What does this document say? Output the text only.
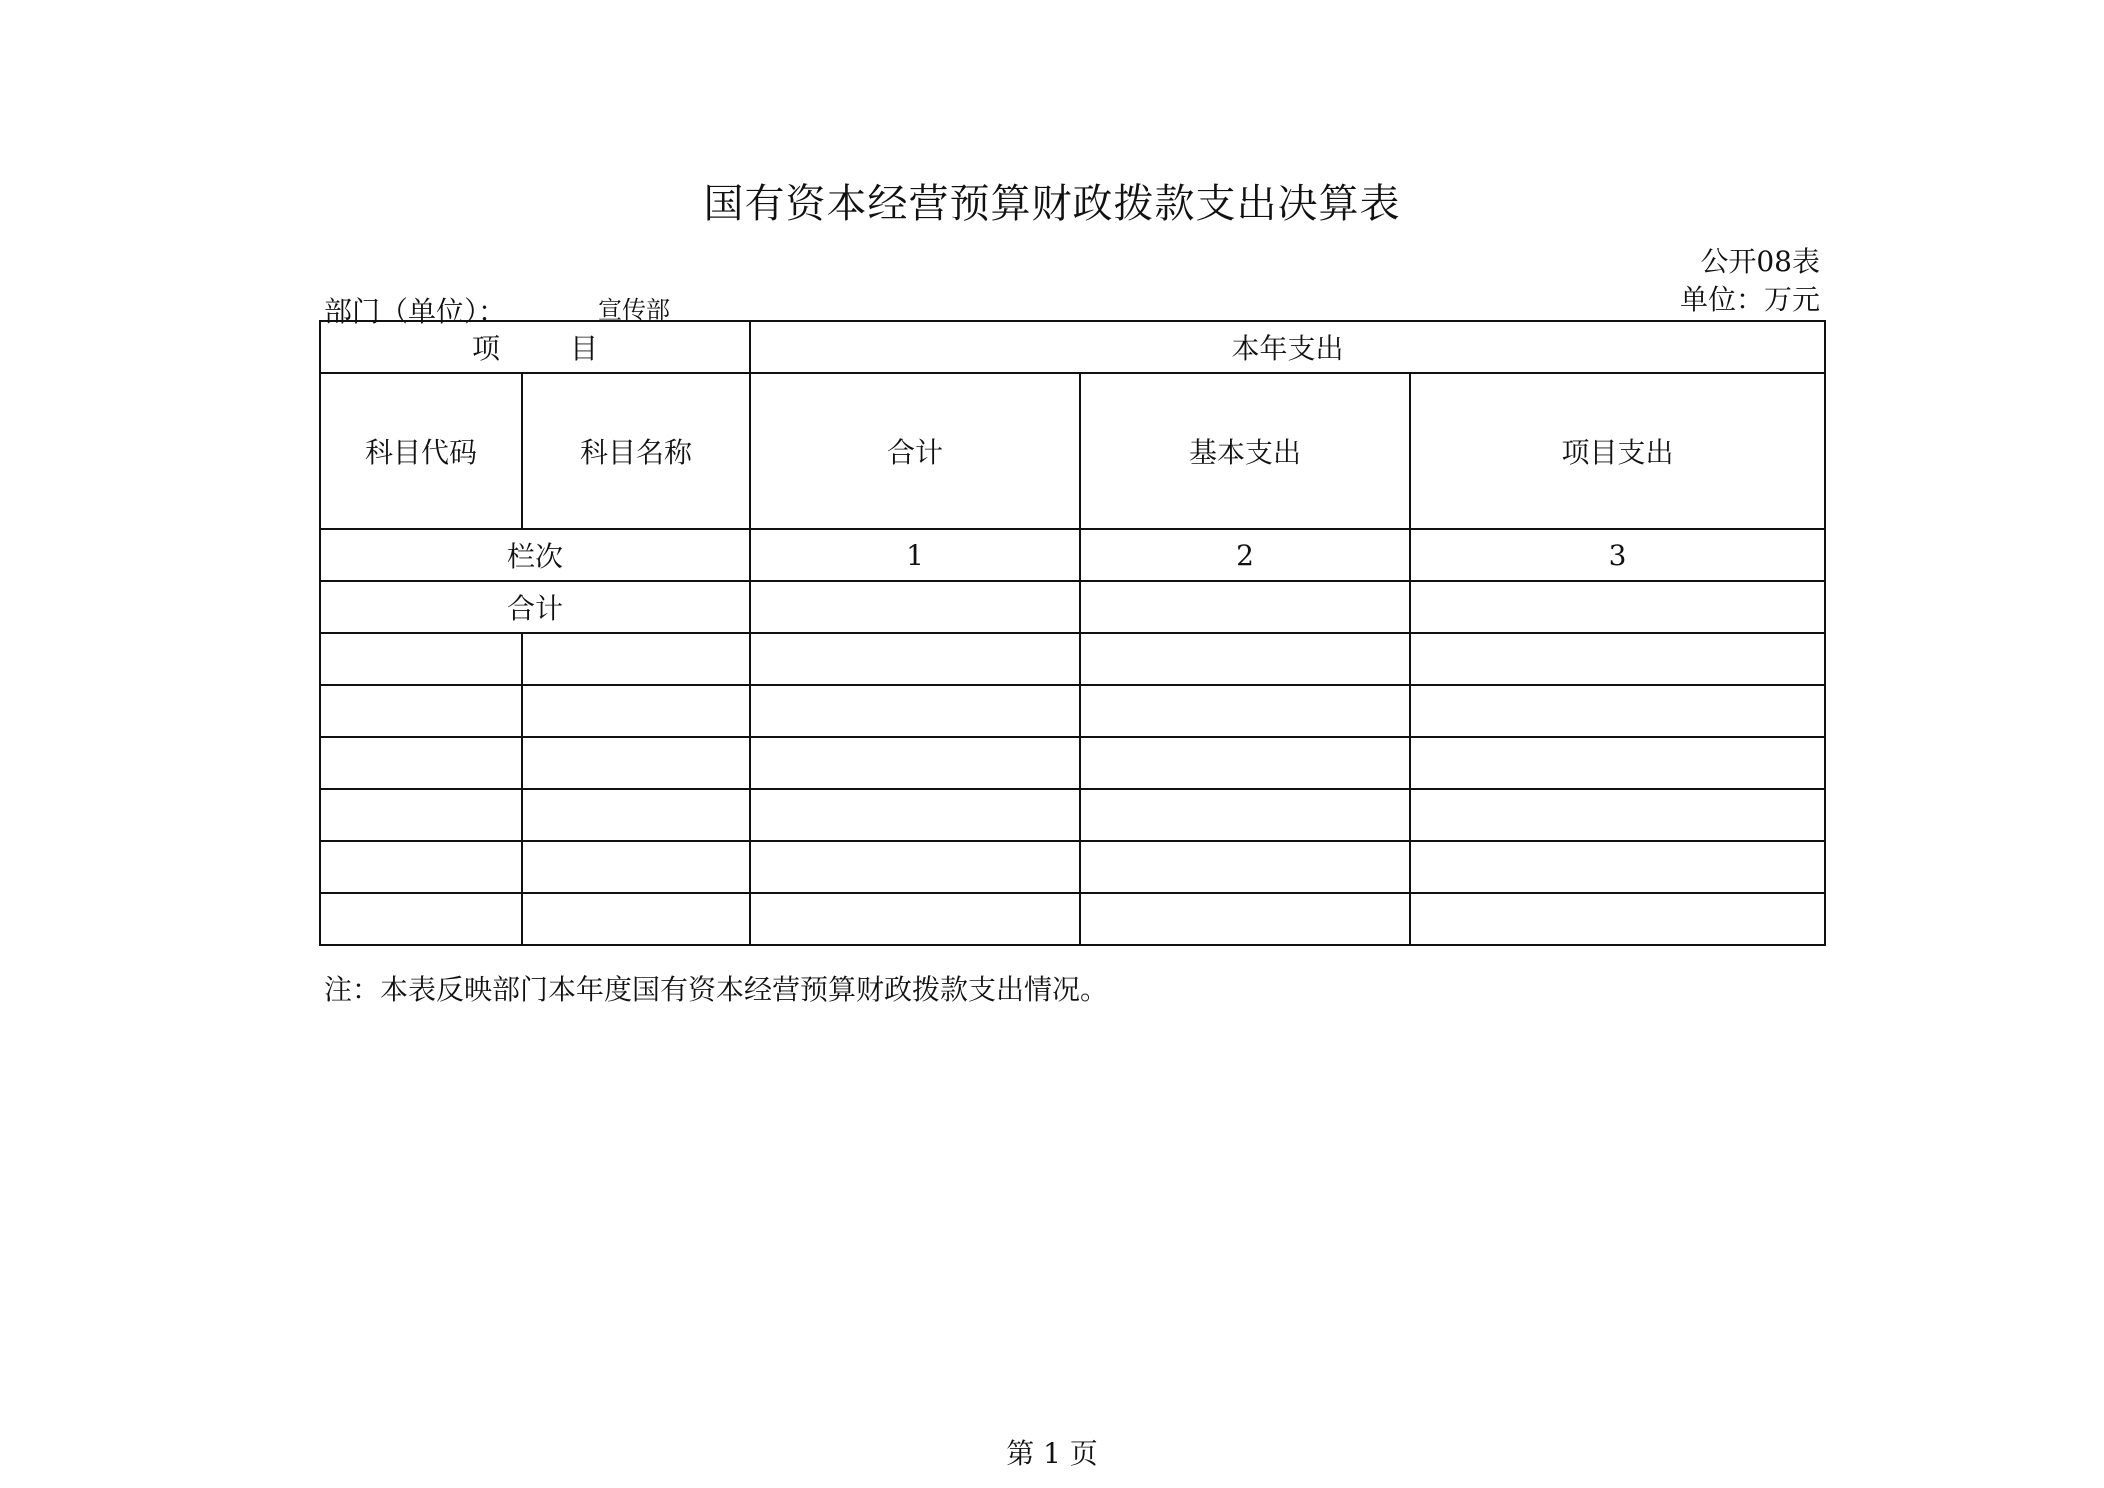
国有资本经营预算财政拨款支出决算表
公开08表
单位：万元
部门（单位）：	宣传部
项 目		本年支出		
科目代码	科目名称	合计	基本支出	项目支出
栏次		1	2	3
合计				

注：本表反映部门本年度国有资本经营预算财政拨款支出情况。
第 1 页
